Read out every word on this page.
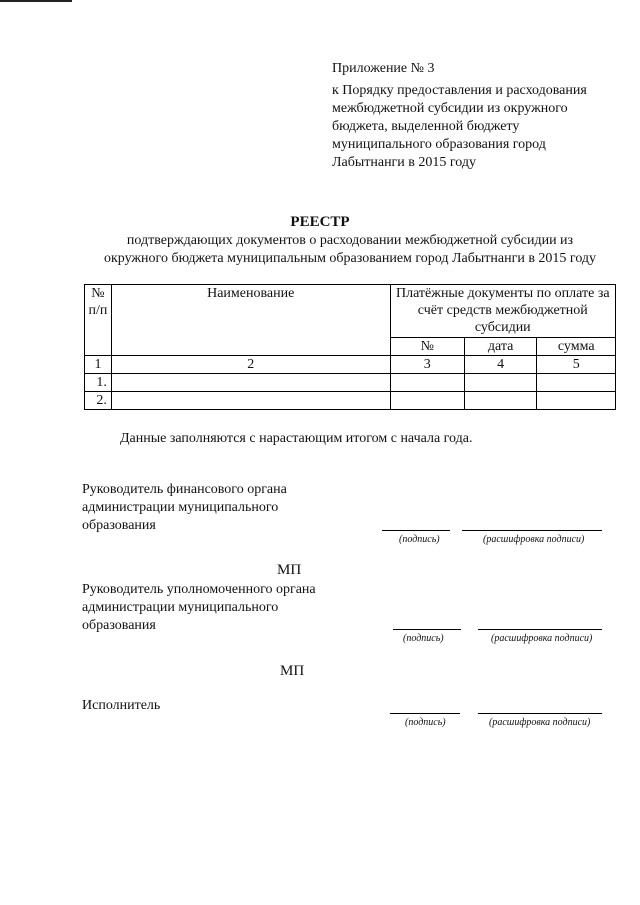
Приложение № 3
к Порядку предоставления и расходования
межбюджетной субсидии из окружного
бюджета, выделенной бюджету
муниципального образования город
Лабытнанги в 2015 году
РЕЕСТР
подтверждающих документов о расходовании межбюджетной субсидии из
окружного бюджета муниципальным образованием город Лабытнанги в 2015 году
№
п/п	Наименование	Платёжные документы по оплате за счёт средств межбюджетной субсидии		
		№	дата	сумма
1	2	3	4	5
1.				
2.				
Данные заполняются с нарастающим итогом с начала года.
Руководитель финансового органа администрации муниципального образования
(подпись)	(расшифровка подписи)
МП
Руководитель уполномоченного органа администрации муниципального образования
(подпись)	(расшифровка подписи)
МП
Исполнитель
(подпись)	(расшифровка подписи)
